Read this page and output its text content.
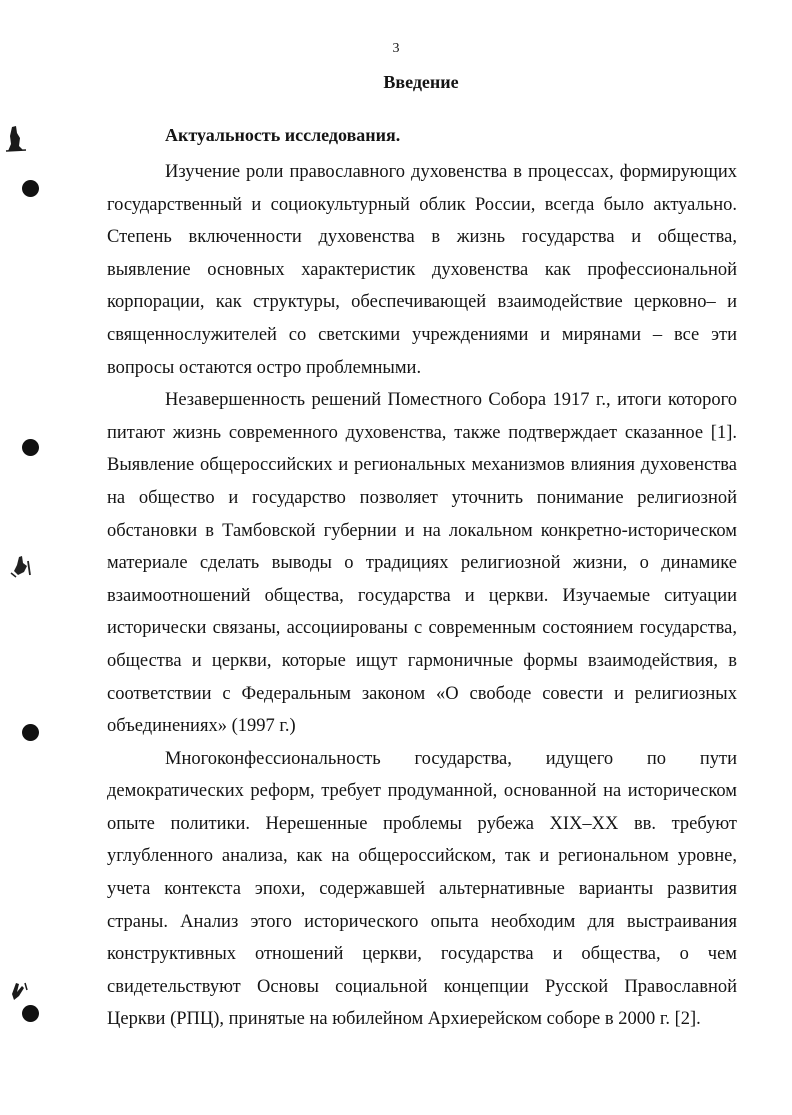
3
Введение
Актуальность исследования.

Изучение роли православного духовенства в процессах, формирующих государственный и социокультурный облик России, всегда было актуально. Степень включенности духовенства в жизнь государства и общества, выявление основных характеристик духовенства как профессиональной корпорации, как структуры, обеспечивающей взаимодействие церковно– и священнослужителей со светскими учреждениями и мирянами – все эти вопросы остаются остро проблемными.

Незавершенность решений Поместного Собора 1917 г., итоги которого питают жизнь современного духовенства, также подтверждает сказанное [1]. Выявление общероссийских и региональных механизмов влияния духовенства на общество и государство позволяет уточнить понимание религиозной обстановки в Тамбовской губернии и на локальном конкретно-историческом материале сделать выводы о традициях религиозной жизни, о динамике взаимоотношений общества, государства и церкви. Изучаемые ситуации исторически связаны, ассоциированы с современным состоянием государства, общества и церкви, которые ищут гармоничные формы взаимодействия, в соответствии с Федеральным законом «О свободе совести и религиозных объединениях» (1997 г.)

Многоконфессиональность государства, идущего по пути демократических реформ, требует продуманной, основанной на историческом опыте политики. Нерешенные проблемы рубежа XIX–XX вв. требуют углубленного анализа, как на общероссийском, так и региональном уровне, учета контекста эпохи, содержавшей альтернативные варианты развития страны. Анализ этого исторического опыта необходим для выстраивания конструктивных отношений церкви, государства и общества, о чем свидетельствуют Основы социальной концепции Русской Православной Церкви (РПЦ), принятые на юбилейном Архиерейском соборе в 2000 г. [2].
